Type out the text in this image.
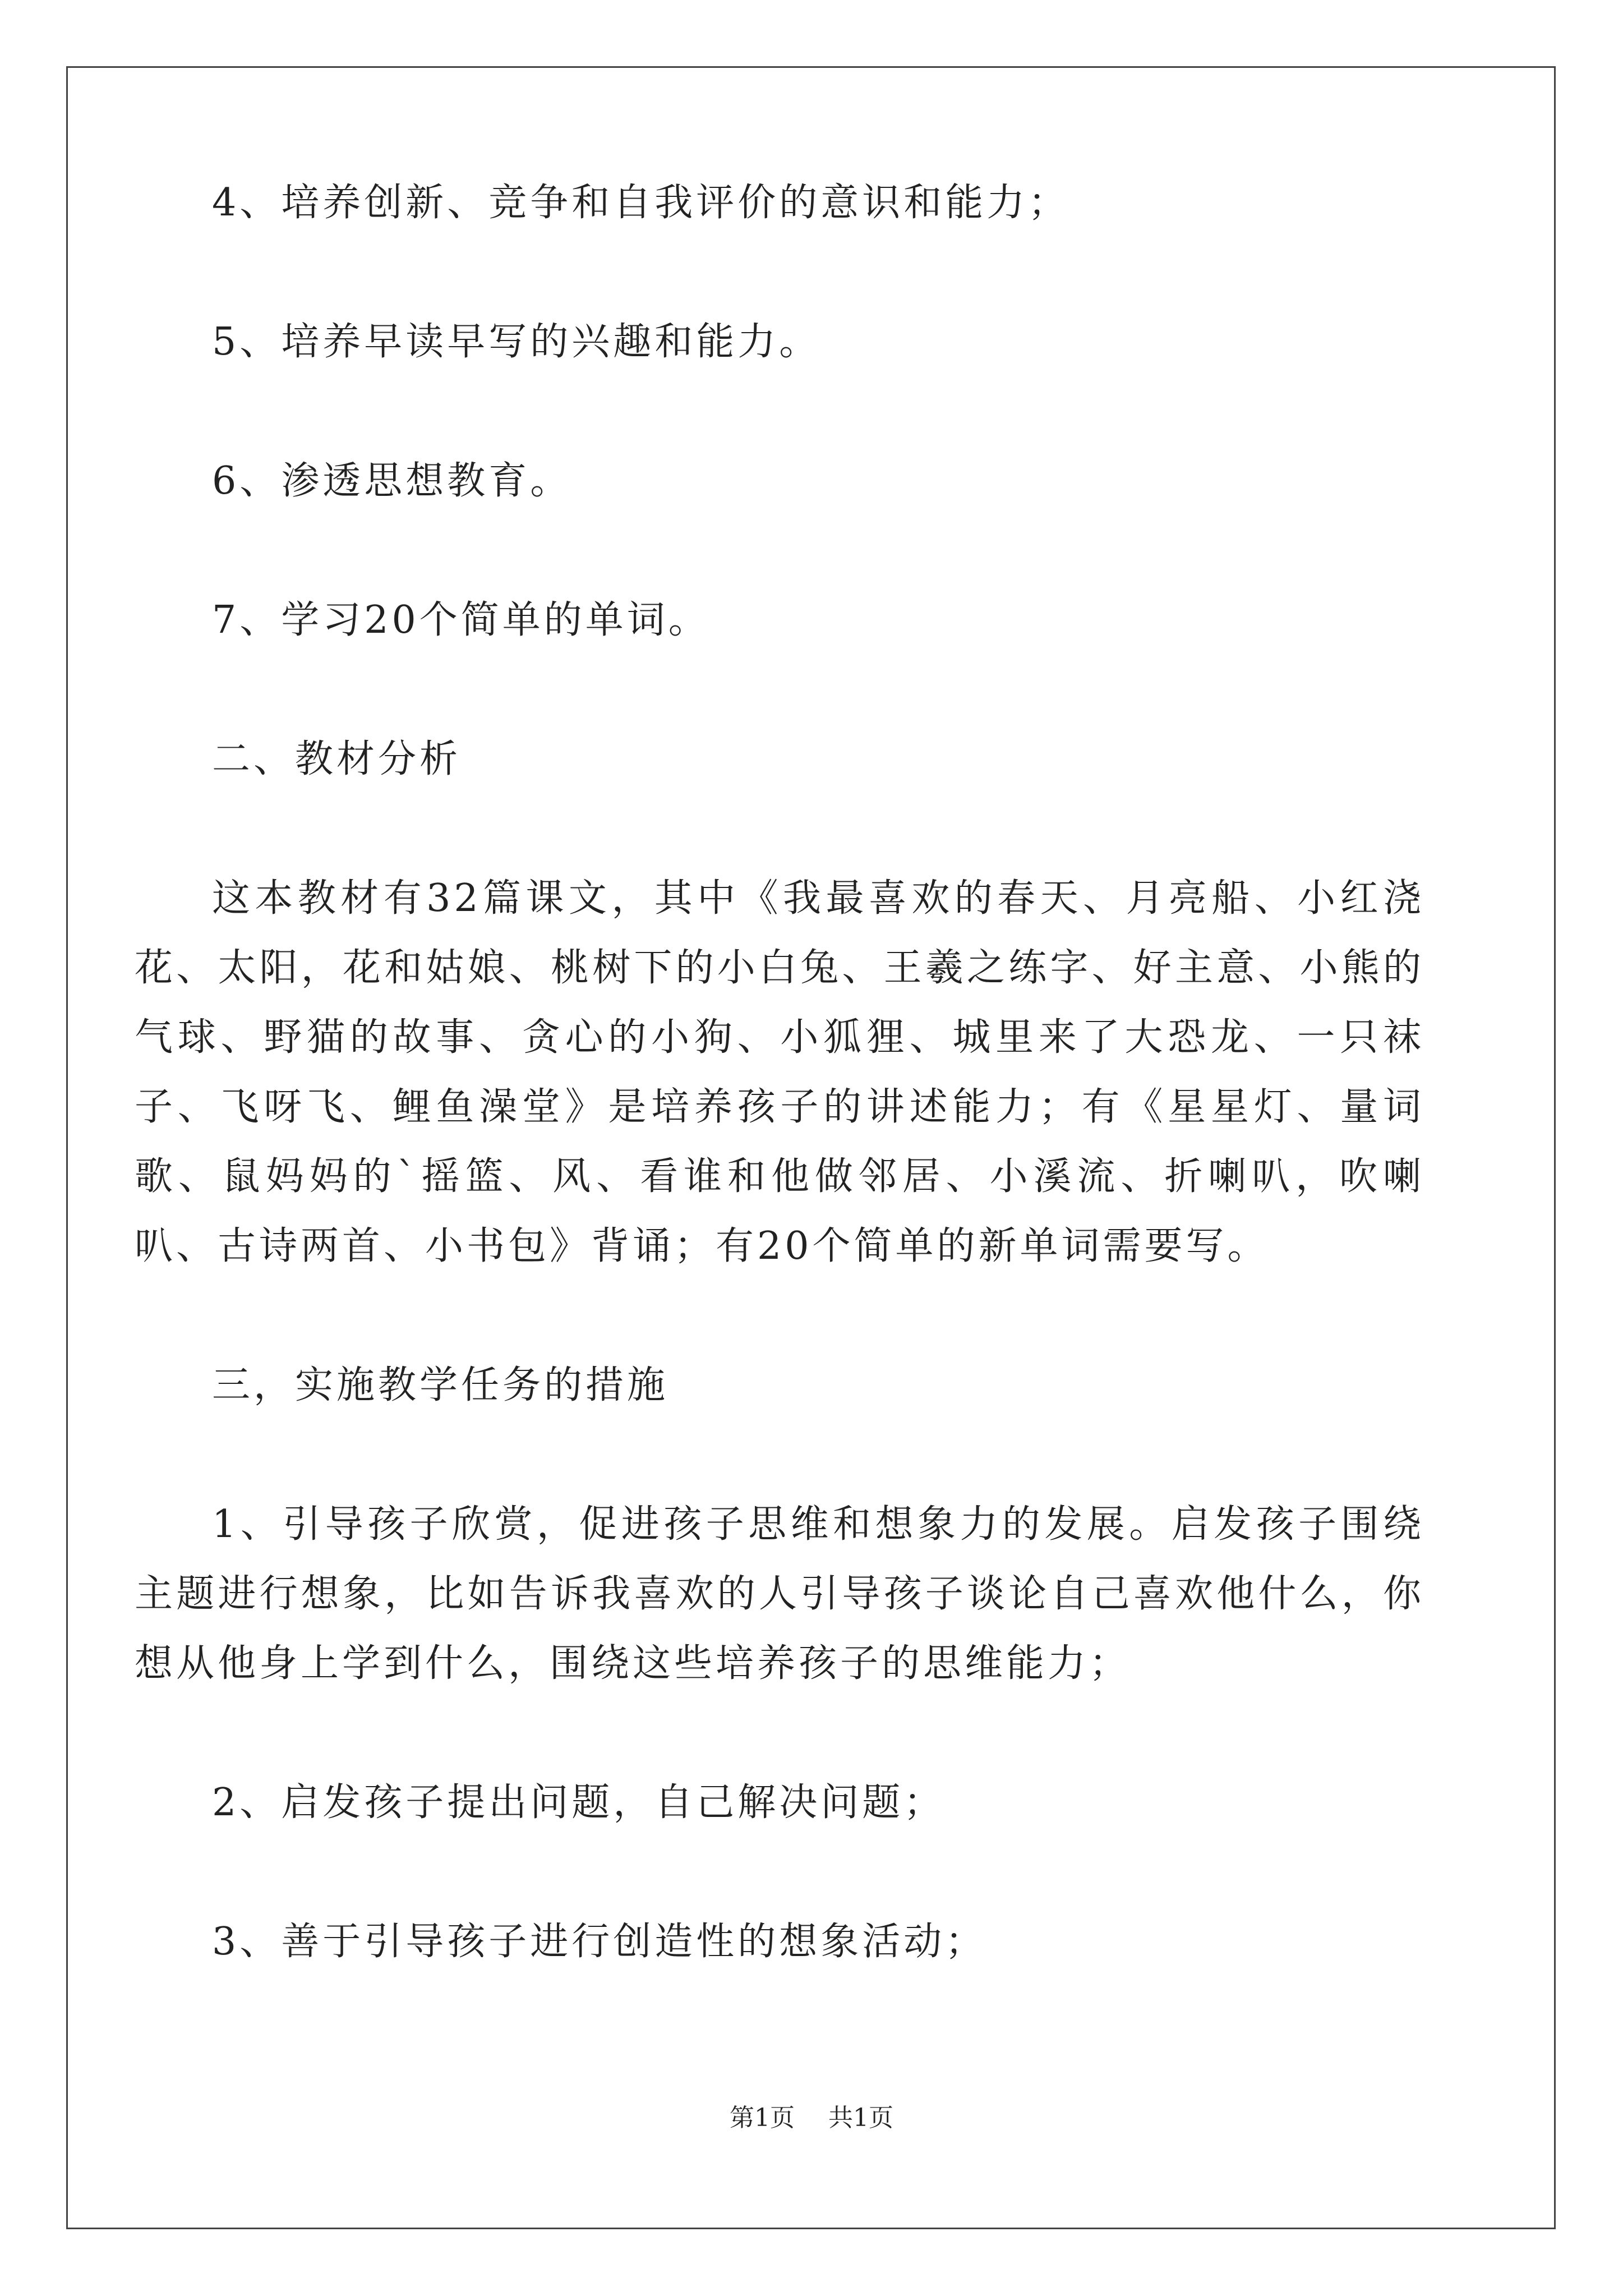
4、培养创新、竞争和自我评价的意识和能力；

5、培养早读早写的兴趣和能力。

6、渗透思想教育。

7、学习20个简单的单词。

二、教材分析

这本教材有32篇课文，其中《我最喜欢的春天、月亮船、小红浇花、太阳，花和姑娘、桃树下的小白兔、王羲之练字、好主意、小熊的气球、野猫的故事、贪心的小狗、小狐狸、城里来了大恐龙、一只袜子、飞呀飞、鲤鱼澡堂》是培养孩子的讲述能力；有《星星灯、量词歌、鼠妈妈的`摇篮、风、看谁和他做邻居、小溪流、折喇叭，吹喇叭、古诗两首、小书包》背诵；有20个简单的新单词需要写。

三，实施教学任务的措施

1、引导孩子欣赏，促进孩子思维和想象力的发展。启发孩子围绕主题进行想象，比如告诉我喜欢的人引导孩子谈论自己喜欢他什么，你想从他身上学到什么，围绕这些培养孩子的思维能力；

2、启发孩子提出问题，自己解决问题；

3、善于引导孩子进行创造性的想象活动；

第1页 共1页
